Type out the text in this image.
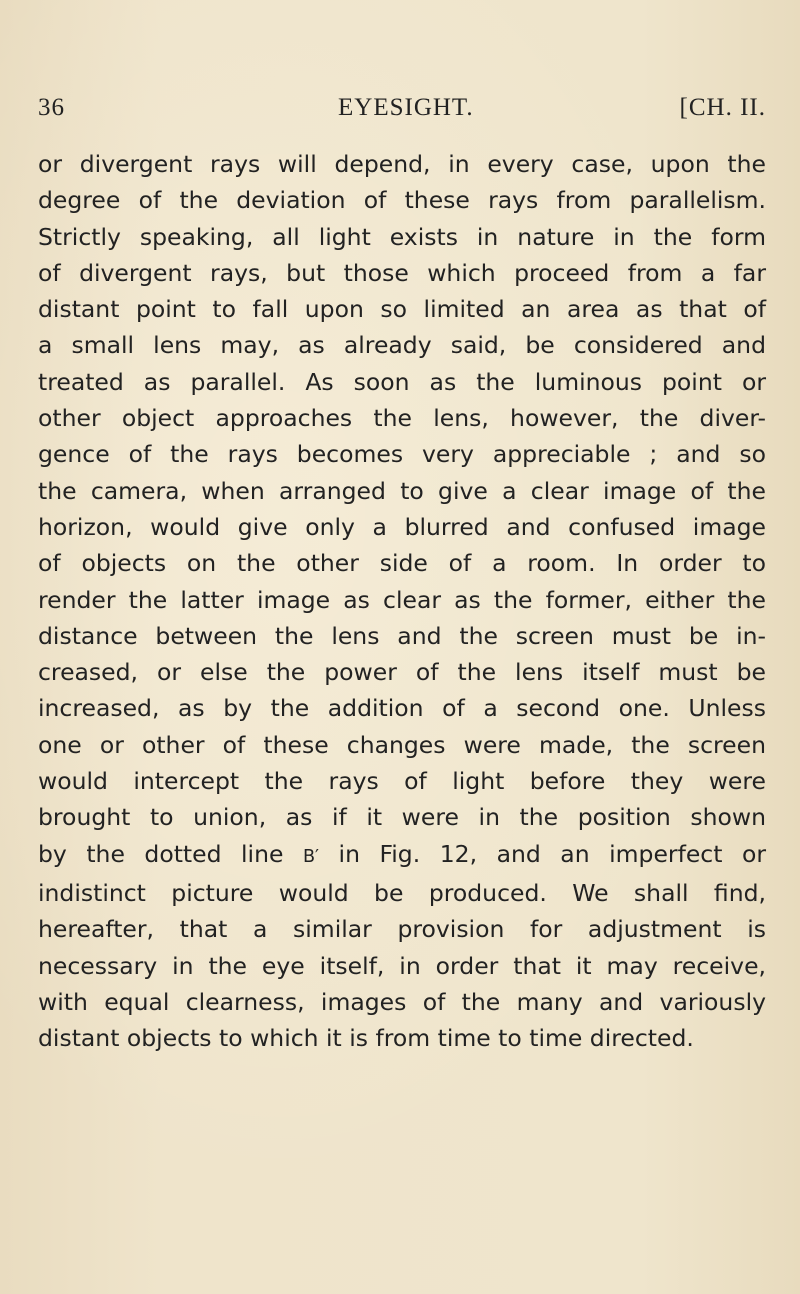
36	EYESIGHT.	[CH. II.
or divergent rays will depend, in every case, upon the
degree of the deviation of these rays from parallelism.
Strictly speaking, all light exists in nature in the form
of divergent rays, but those which proceed from a far
distant point to fall upon so limited an area as that of
a small lens may, as already said, be considered and
treated as parallel. As soon as the luminous point or
other object approaches the lens, however, the diver-
gence of the rays becomes very appreciable ; and so
the camera, when arranged to give a clear image of the
horizon, would give only a blurred and confused image
of objects on the other side of a room. In order to
render the latter image as clear as the former, either the
distance between the lens and the screen must be in-
creased, or else the power of the lens itself must be
increased, as by the addition of a second one. Unless
one or other of these changes were made, the screen
would intercept the rays of light before they were
brought to union, as if it were in the position shown
by the dotted line B′ in Fig. 12, and an imperfect or
indistinct picture would be produced. We shall find,
hereafter, that a similar provision for adjustment is
necessary in the eye itself, in order that it may receive,
with equal clearness, images of the many and variously
distant objects to which it is from time to time directed.
